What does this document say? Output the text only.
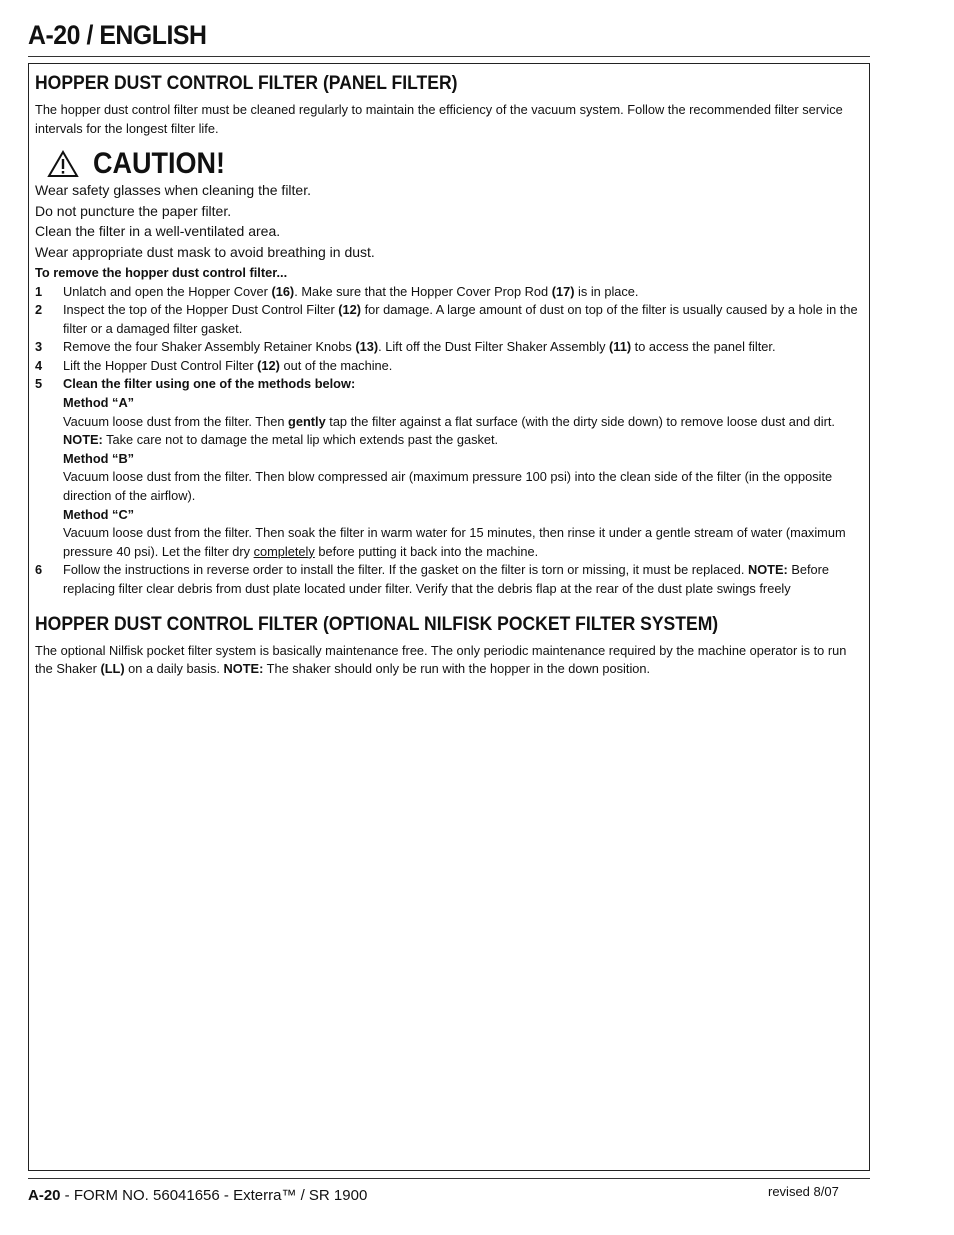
A-20 / ENGLISH
HOPPER DUST CONTROL FILTER (PANEL FILTER)

The hopper dust control filter must be cleaned regularly to maintain the efficiency of the vacuum system. Follow the recommended filter service intervals for the longest filter life.

CAUTION!
Wear safety glasses when cleaning the filter.
Do not puncture the paper filter.
Clean the filter in a well-ventilated area.
Wear appropriate dust mask to avoid breathing in dust.
To remove the hopper dust control filter...
1	Unlatch and open the Hopper Cover (16). Make sure that the Hopper Cover Prop Rod (17) is in place.
2	Inspect the top of the Hopper Dust Control Filter (12) for damage. A large amount of dust on top of the filter is usually caused by a hole in the filter or a damaged filter gasket.
3	Remove the four Shaker Assembly Retainer Knobs (13). Lift off the Dust Filter Shaker Assembly (11) to access the panel filter.
4	Lift the Hopper Dust Control Filter (12) out of the machine.
5	Clean the filter using one of the methods below:
Method “A”
Vacuum loose dust from the filter. Then gently tap the filter against a flat surface (with the dirty side down) to remove loose dust and dirt.
NOTE: Take care not to damage the metal lip which extends past the gasket.
Method “B”
Vacuum loose dust from the filter. Then blow compressed air (maximum pressure 100 psi) into the clean side of the filter (in the opposite direction of the airflow).
Method “C”
Vacuum loose dust from the filter. Then soak the filter in warm water for 15 minutes, then rinse it under a gentle stream of water (maximum pressure 40 psi). Let the filter dry completely before putting it back into the machine.
6	Follow the instructions in reverse order to install the filter. If the gasket on the filter is torn or missing, it must be replaced. NOTE: Before replacing filter clear debris from dust plate located under filter. Verify that the debris flap at the rear of the dust plate swings freely
HOPPER DUST CONTROL FILTER (OPTIONAL NILFISK POCKET FILTER SYSTEM)

The optional Nilfisk pocket filter system is basically maintenance free. The only periodic maintenance required by the machine operator is to run the Shaker (LL) on a daily basis. NOTE: The shaker should only be run with the hopper in the down position.

A-20 - FORM NO. 56041656 - Exterra™ / SR 1900	revised 8/07
